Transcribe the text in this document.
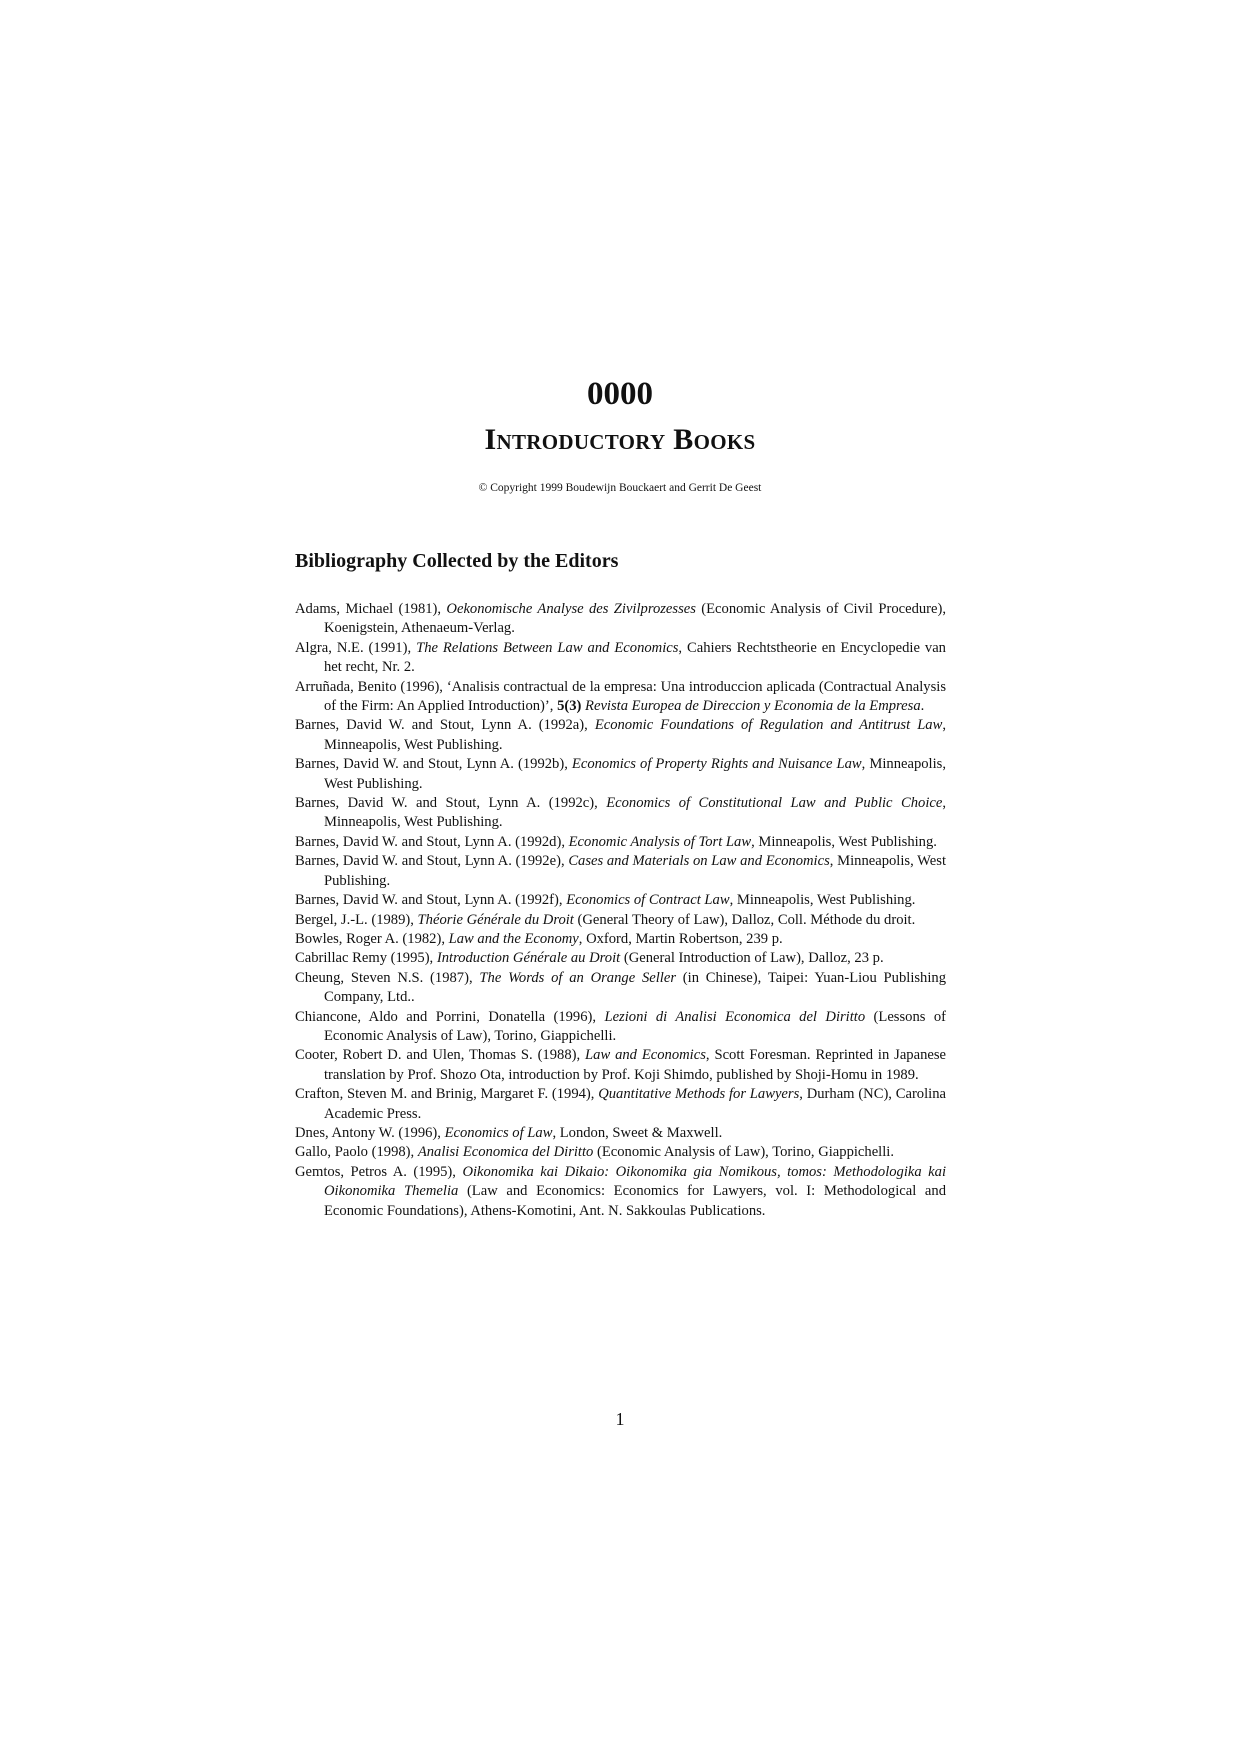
0000
Introductory Books
© Copyright 1999 Boudewijn Bouckaert and Gerrit De Geest
Bibliography Collected by the Editors
Adams, Michael (1981), Oekonomische Analyse des Zivilprozesses (Economic Analysis of Civil Procedure), Koenigstein, Athenaeum-Verlag.
Algra, N.E. (1991), The Relations Between Law and Economics, Cahiers Rechtstheorie en Encyclopedie van het recht, Nr. 2.
Arruñada, Benito (1996), ‘Analisis contractual de la empresa: Una introduccion aplicada (Contractual Analysis of the Firm: An Applied Introduction)’, 5(3) Revista Europea de Direccion y Economia de la Empresa.
Barnes, David W. and Stout, Lynn A. (1992a), Economic Foundations of Regulation and Antitrust Law, Minneapolis, West Publishing.
Barnes, David W. and Stout, Lynn A. (1992b), Economics of Property Rights and Nuisance Law, Minneapolis, West Publishing.
Barnes, David W. and Stout, Lynn A. (1992c), Economics of Constitutional Law and Public Choice, Minneapolis, West Publishing.
Barnes, David W. and Stout, Lynn A. (1992d), Economic Analysis of Tort Law, Minneapolis, West Publishing.
Barnes, David W. and Stout, Lynn A. (1992e), Cases and Materials on Law and Economics, Minneapolis, West Publishing.
Barnes, David W. and Stout, Lynn A. (1992f), Economics of Contract Law, Minneapolis, West Publishing.
Bergel, J.-L. (1989), Théorie Générale du Droit (General Theory of Law), Dalloz, Coll. Méthode du droit.
Bowles, Roger A. (1982), Law and the Economy, Oxford, Martin Robertson, 239 p.
Cabrillac Remy (1995), Introduction Générale au Droit (General Introduction of Law), Dalloz, 23 p.
Cheung, Steven N.S. (1987), The Words of an Orange Seller (in Chinese), Taipei: Yuan-Liou Publishing Company, Ltd..
Chiancone, Aldo and Porrini, Donatella (1996), Lezioni di Analisi Economica del Diritto (Lessons of Economic Analysis of Law), Torino, Giappichelli.
Cooter, Robert D. and Ulen, Thomas S. (1988), Law and Economics, Scott Foresman. Reprinted in Japanese translation by Prof. Shozo Ota, introduction by Prof. Koji Shimdo, published by Shoji-Homu in 1989.
Crafton, Steven M. and Brinig, Margaret F. (1994), Quantitative Methods for Lawyers, Durham (NC), Carolina Academic Press.
Dnes, Antony W. (1996), Economics of Law, London, Sweet & Maxwell.
Gallo, Paolo (1998), Analisi Economica del Diritto (Economic Analysis of Law), Torino, Giappichelli.
Gemtos, Petros A. (1995), Oikonomika kai Dikaio: Oikonomika gia Nomikous, tomos: Methodologika kai Oikonomika Themelia (Law and Economics: Economics for Lawyers, vol. I: Methodological and Economic Foundations), Athens-Komotini, Ant. N. Sakkoulas Publications.
1
